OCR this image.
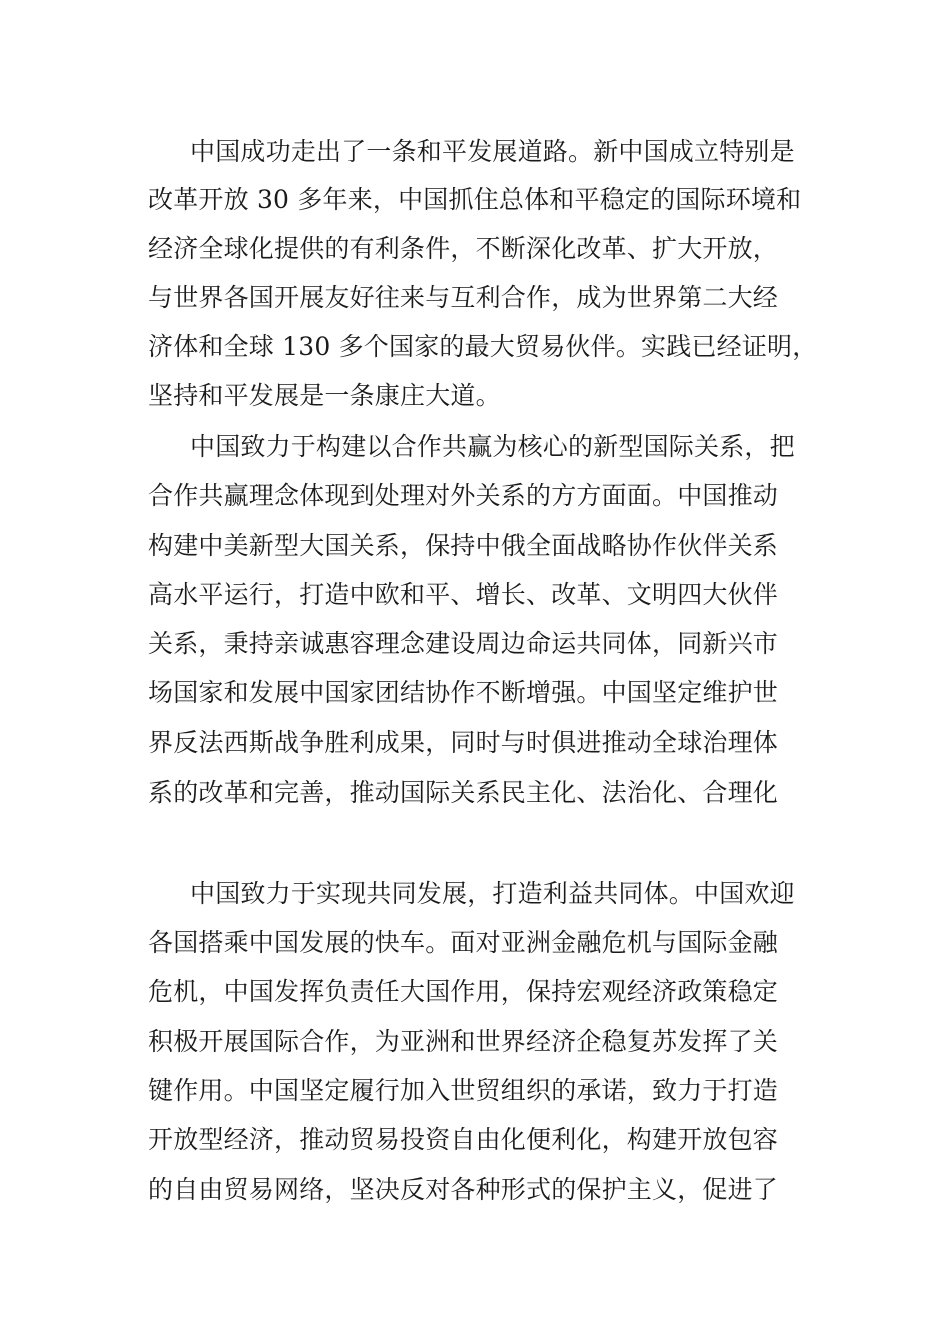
中国成功走出了一条和平发展道路。新中国成立特别是

改革开放 30 多年来，中国抓住总体和平稳定的国际环境和

经济全球化提供的有利条件，不断深化改革、扩大开放，

与世界各国开展友好往来与互利合作，成为世界第二大经

济体和全球 130 多个国家的最大贸易伙伴。实践已经证明，

坚持和平发展是一条康庄大道。

中国致力于构建以合作共赢为核心的新型国际关系，把

合作共赢理念体现到处理对外关系的方方面面。中国推动

构建中美新型大国关系，保持中俄全面战略协作伙伴关系

高水平运行，打造中欧和平、增长、改革、文明四大伙伴

关系，秉持亲诚惠容理念建设周边命运共同体，同新兴市

场国家和发展中国家团结协作不断增强。中国坚定维护世

界反法西斯战争胜利成果，同时与时俱进推动全球治理体

系的改革和完善，推动国际关系民主化、法治化、合理化

中国致力于实现共同发展，打造利益共同体。中国欢迎

各国搭乘中国发展的快车。面对亚洲金融危机与国际金融

危机，中国发挥负责任大国作用，保持宏观经济政策稳定

积极开展国际合作，为亚洲和世界经济企稳复苏发挥了关

键作用。中国坚定履行加入世贸组织的承诺，致力于打造

开放型经济，推动贸易投资自由化便利化，构建开放包容

的自由贸易网络，坚决反对各种形式的保护主义，促进了
